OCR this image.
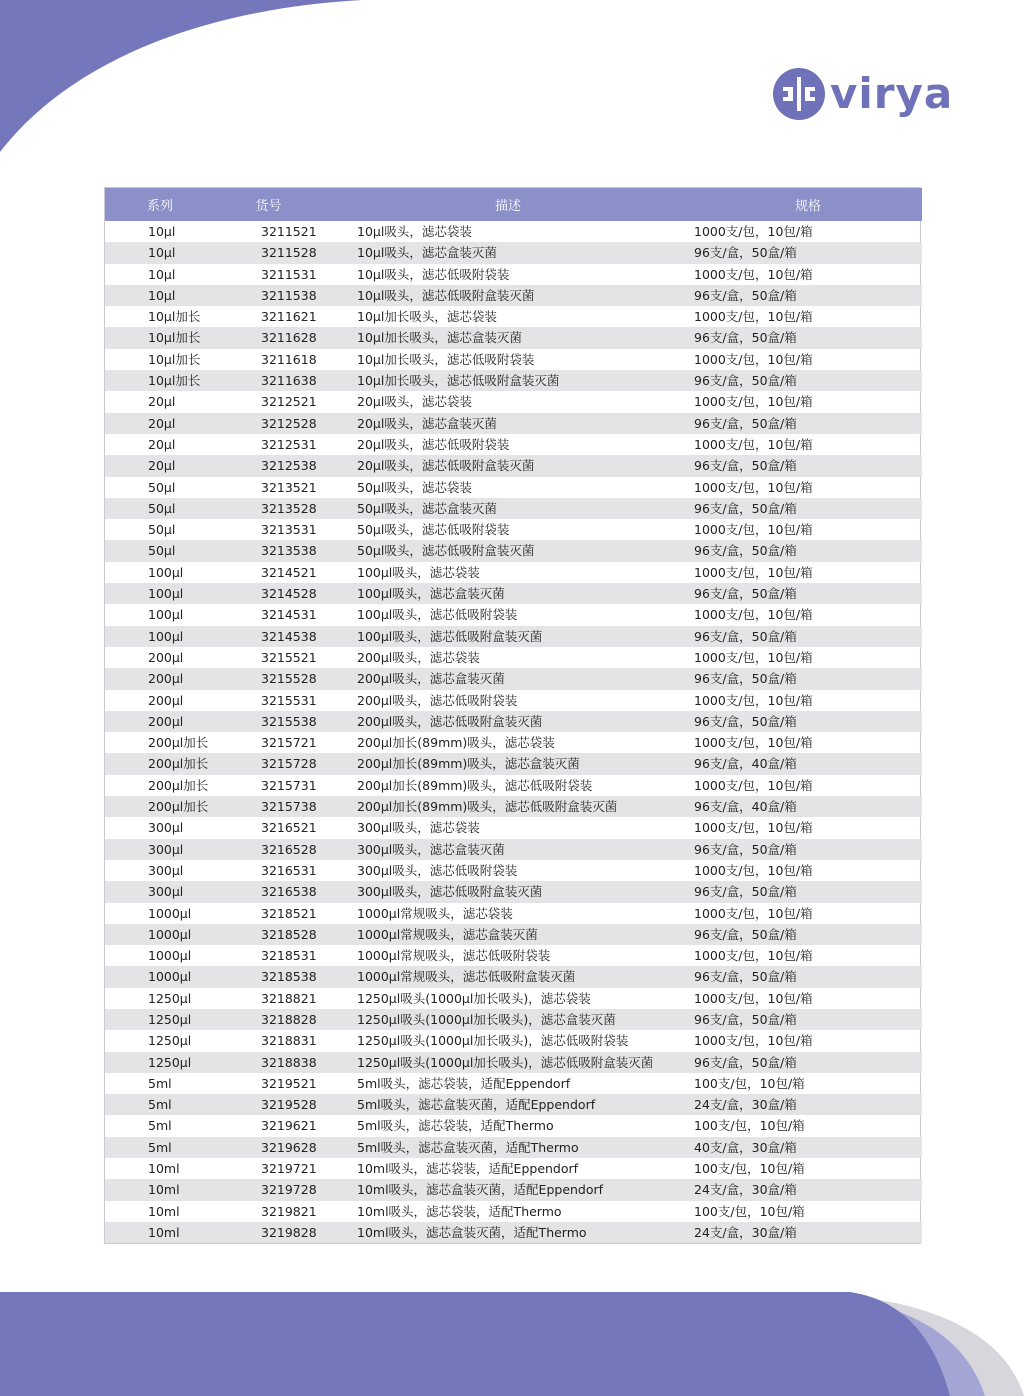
virya
系列	货号	描述	规格
10μl	3211521	10μl吸头，滤芯袋装	1000支/包，10包/箱
10μl	3211528	10μl吸头，滤芯盒装灭菌	96支/盒，50盒/箱
10μl	3211531	10μl吸头，滤芯低吸附袋装	1000支/包，10包/箱
10μl	3211538	10μl吸头，滤芯低吸附盒装灭菌	96支/盒，50盒/箱
10μl加长	3211621	10μl加长吸头，滤芯袋装	1000支/包，10包/箱
10μl加长	3211628	10μl加长吸头，滤芯盒装灭菌	96支/盒，50盒/箱
10μl加长	3211618	10μl加长吸头，滤芯低吸附袋装	1000支/包，10包/箱
10μl加长	3211638	10μl加长吸头，滤芯低吸附盒装灭菌	96支/盒，50盒/箱
20μl	3212521	20μl吸头，滤芯袋装	1000支/包，10包/箱
20μl	3212528	20μl吸头，滤芯盒装灭菌	96支/盒，50盒/箱
20μl	3212531	20μl吸头，滤芯低吸附袋装	1000支/包，10包/箱
20μl	3212538	20μl吸头，滤芯低吸附盒装灭菌	96支/盒，50盒/箱
50μl	3213521	50μl吸头，滤芯袋装	1000支/包，10包/箱
50μl	3213528	50μl吸头，滤芯盒装灭菌	96支/盒，50盒/箱
50μl	3213531	50μl吸头，滤芯低吸附袋装	1000支/包，10包/箱
50μl	3213538	50μl吸头，滤芯低吸附盒装灭菌	96支/盒，50盒/箱
100μl	3214521	100μl吸头，滤芯袋装	1000支/包，10包/箱
100μl	3214528	100μl吸头，滤芯盒装灭菌	96支/盒，50盒/箱
100μl	3214531	100μl吸头，滤芯低吸附袋装	1000支/包，10包/箱
100μl	3214538	100μl吸头，滤芯低吸附盒装灭菌	96支/盒，50盒/箱
200μl	3215521	200μl吸头，滤芯袋装	1000支/包，10包/箱
200μl	3215528	200μl吸头，滤芯盒装灭菌	96支/盒，50盒/箱
200μl	3215531	200μl吸头，滤芯低吸附袋装	1000支/包，10包/箱
200μl	3215538	200μl吸头，滤芯低吸附盒装灭菌	96支/盒，50盒/箱
200μl加长	3215721	200μl加长(89mm)吸头，滤芯袋装	1000支/包，10包/箱
200μl加长	3215728	200μl加长(89mm)吸头，滤芯盒装灭菌	96支/盒，40盒/箱
200μl加长	3215731	200μl加长(89mm)吸头，滤芯低吸附袋装	1000支/包，10包/箱
200μl加长	3215738	200μl加长(89mm)吸头，滤芯低吸附盒装灭菌	96支/盒，40盒/箱
300μl	3216521	300μl吸头，滤芯袋装	1000支/包，10包/箱
300μl	3216528	300μl吸头，滤芯盒装灭菌	96支/盒，50盒/箱
300μl	3216531	300μl吸头，滤芯低吸附袋装	1000支/包，10包/箱
300μl	3216538	300μl吸头，滤芯低吸附盒装灭菌	96支/盒，50盒/箱
1000μl	3218521	1000μl常规吸头，滤芯袋装	1000支/包，10包/箱
1000μl	3218528	1000μl常规吸头，滤芯盒装灭菌	96支/盒，50盒/箱
1000μl	3218531	1000μl常规吸头，滤芯低吸附袋装	1000支/包，10包/箱
1000μl	3218538	1000μl常规吸头，滤芯低吸附盒装灭菌	96支/盒，50盒/箱
1250μl	3218821	1250μl吸头(1000μl加长吸头)，滤芯袋装	1000支/包，10包/箱
1250μl	3218828	1250μl吸头(1000μl加长吸头)，滤芯盒装灭菌	96支/盒，50盒/箱
1250μl	3218831	1250μl吸头(1000μl加长吸头)，滤芯低吸附袋装	1000支/包，10包/箱
1250μl	3218838	1250μl吸头(1000μl加长吸头)，滤芯低吸附盒装灭菌	96支/盒，50盒/箱
5ml	3219521	5ml吸头，滤芯袋装，适配Eppendorf	100支/包，10包/箱
5ml	3219528	5ml吸头，滤芯盒装灭菌，适配Eppendorf	24支/盒，30盒/箱
5ml	3219621	5ml吸头，滤芯袋装，适配Thermo	100支/包，10包/箱
5ml	3219628	5ml吸头，滤芯盒装灭菌，适配Thermo	40支/盒，30盒/箱
10ml	3219721	10ml吸头，滤芯袋装，适配Eppendorf	100支/包，10包/箱
10ml	3219728	10ml吸头，滤芯盒装灭菌，适配Eppendorf	24支/盒，30盒/箱
10ml	3219821	10ml吸头，滤芯袋装，适配Thermo	100支/包，10包/箱
10ml	3219828	10ml吸头，滤芯盒装灭菌，适配Thermo	24支/盒，30盒/箱
